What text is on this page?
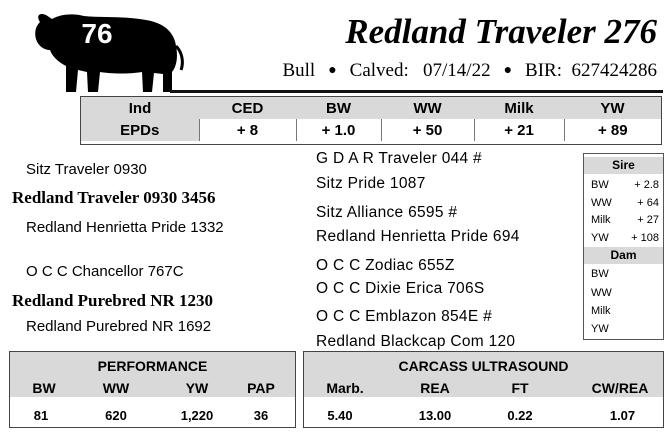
76	Redland Traveler 276
Bull ● Calved: 07/14/22 ● BIR: 627424286
Ind	CED	BW	WW	Milk	YW
EPDs	+ 8	+ 1.0	+ 50	+ 21	+ 89
Sitz Traveler 0930
Redland Traveler 0930 3456
Redland Henrietta Pride 1332
O C C Chancellor 767C
Redland Purebred NR 1230
Redland Purebred NR 1692
G D A R Traveler 044 #
Sitz Pride 1087
Sitz Alliance 6595 #
Redland Henrietta Pride 694
O C C Zodiac 655Z
O C C Dixie Erica 706S
O C C Emblazon 854E #
Redland Blackcap Com 120
Sire
BW + 2.8
WW + 64
Milk + 27
YW + 108
Dam
BW
WW
Milk
YW
PERFORMANCE
BW	WW	YW	PAP
81	620	1,220	36
CARCASS ULTRASOUND
Marb.	REA	FT	CW/REA
5.40	13.00	0.22	1.07
